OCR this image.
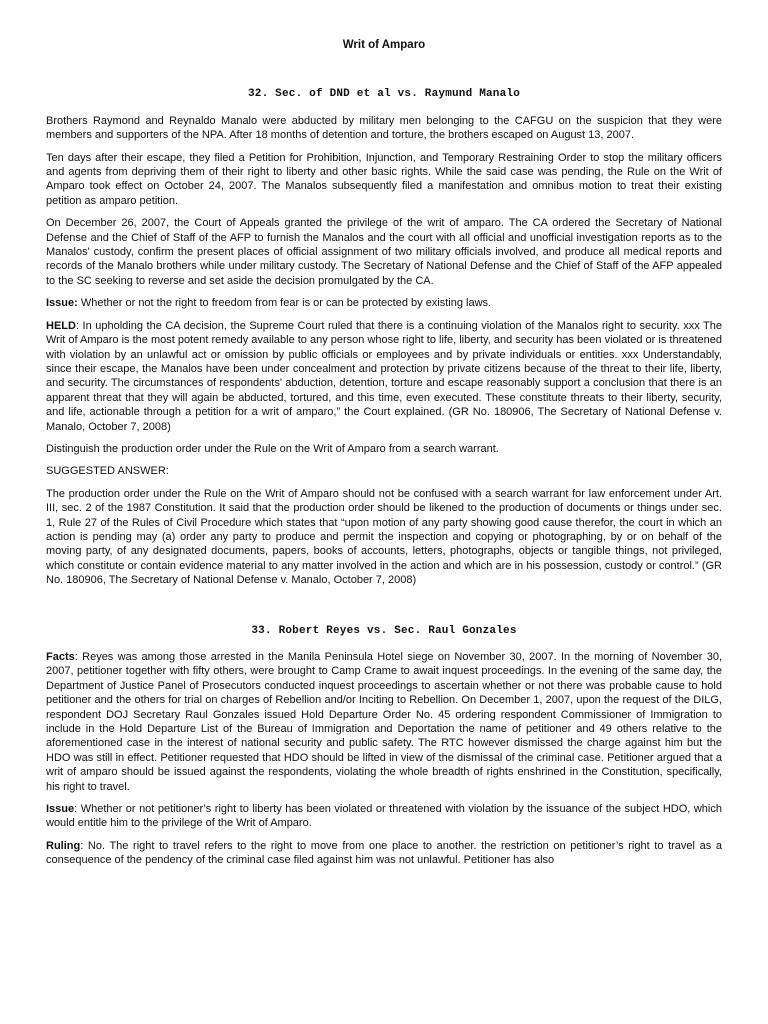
Writ of Amparo
32. Sec. of DND et al vs. Raymund Manalo

Brothers Raymond and Reynaldo Manalo were abducted by military men belonging to the CAFGU on the suspicion that they were members and supporters of the NPA. After 18 months of detention and torture, the brothers escaped on August 13, 2007.

Ten days after their escape, they filed a Petition for Prohibition, Injunction, and Temporary Restraining Order to stop the military officers and agents from depriving them of their right to liberty and other basic rights. While the said case was pending, the Rule on the Writ of Amparo took effect on October 24, 2007. The Manalos subsequently filed a manifestation and omnibus motion to treat their existing petition as amparo petition.

On December 26, 2007, the Court of Appeals granted the privilege of the writ of amparo. The CA ordered the Secretary of National Defense and the Chief of Staff of the AFP to furnish the Manalos and the court with all official and unofficial investigation reports as to the Manalos' custody, confirm the present places of official assignment of two military officials involved, and produce all medical reports and records of the Manalo brothers while under military custody. The Secretary of National Defense and the Chief of Staff of the AFP appealed to the SC seeking to reverse and set aside the decision promulgated by the CA.

Issue: Whether or not the right to freedom from fear is or can be protected by existing laws.

HELD: In upholding the CA decision, the Supreme Court ruled that there is a continuing violation of the Manalos right to security. xxx The Writ of Amparo is the most potent remedy available to any person whose right to life, liberty, and security has been violated or is threatened with violation by an unlawful act or omission by public officials or employees and by private individuals or entities. xxx Understandably, since their escape, the Manalos have been under concealment and protection by private citizens because of the threat to their life, liberty, and security. The circumstances of respondents' abduction, detention, torture and escape reasonably support a conclusion that there is an apparent threat that they will again be abducted, tortured, and this time, even executed. These constitute threats to their liberty, security, and life, actionable through a petition for a writ of amparo,” the Court explained. (GR No. 180906, The Secretary of National Defense v. Manalo, October 7, 2008)

Distinguish the production order under the Rule on the Writ of Amparo from a search warrant.

SUGGESTED ANSWER:

The production order under the Rule on the Writ of Amparo should not be confused with a search warrant for law enforcement under Art. III, sec. 2 of the 1987 Constitution. It said that the production order should be likened to the production of documents or things under sec. 1, Rule 27 of the Rules of Civil Procedure which states that “upon motion of any party showing good cause therefor, the court in which an action is pending may (a) order any party to produce and permit the inspection and copying or photographing, by or on behalf of the moving party, of any designated documents, papers, books of accounts, letters, photographs, objects or tangible things, not privileged, which constitute or contain evidence material to any matter involved in the action and which are in his possession, custody or control.” (GR No. 180906, The Secretary of National Defense v. Manalo, October 7, 2008)

33. Robert Reyes vs. Sec. Raul Gonzales

Facts: Reyes was among those arrested in the Manila Peninsula Hotel siege on November 30, 2007. In the morning of November 30, 2007, petitioner together with fifty others, were brought to Camp Crame to await inquest proceedings. In the evening of the same day, the Department of Justice Panel of Prosecutors conducted inquest proceedings to ascertain whether or not there was probable cause to hold petitioner and the others for trial on charges of Rebellion and/or Inciting to Rebellion. On December 1, 2007, upon the request of the DILG, respondent DOJ Secretary Raul Gonzales issued Hold Departure Order No. 45 ordering respondent Commissioner of Immigration to include in the Hold Departure List of the Bureau of Immigration and Deportation the name of petitioner and 49 others relative to the aforementioned case in the interest of national security and public safety. The RTC however dismissed the charge against him but the HDO was still in effect. Petitioner requested that HDO should be lifted in view of the dismissal of the criminal case. Petitioner argued that a writ of amparo should be issued against the respondents, violating the whole breadth of rights enshrined in the Constitution, specifically, his right to travel.

Issue: Whether or not petitioner’s right to liberty has been violated or threatened with violation by the issuance of the subject HDO, which would entitle him to the privilege of the Writ of Amparo.

Ruling: No. The right to travel refers to the right to move from one place to another. the restriction on petitioner’s right to travel as a consequence of the pendency of the criminal case filed against him was not unlawful. Petitioner has also
